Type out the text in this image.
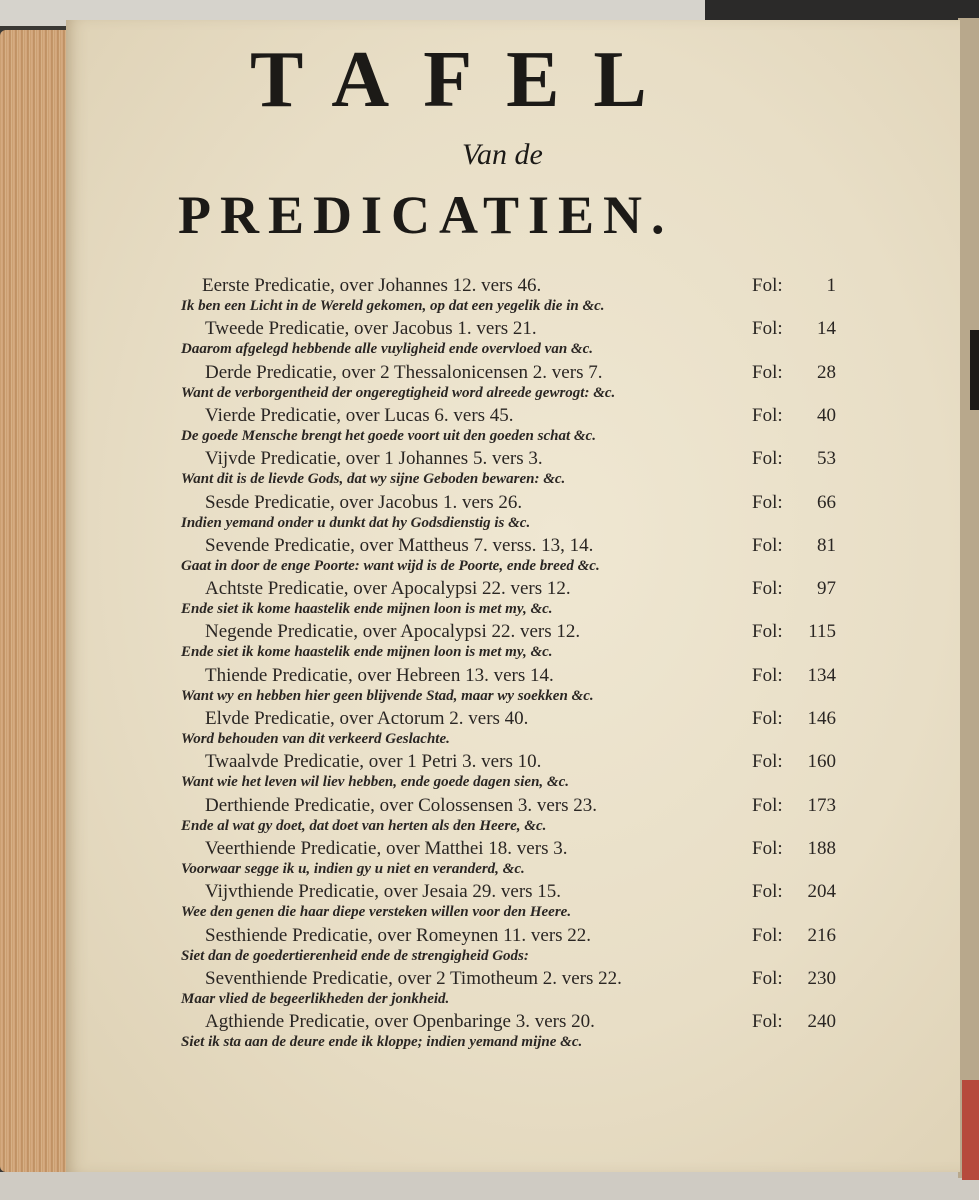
TAFEL
Van de
PREDICATIEN.
Eerste Predicatie, over Johannes 12. vers 46.	Fol:	1
Ik ben een Licht in de Wereld gekomen, op dat een yegelik die in &c.
Tweede Predicatie, over Jacobus 1. vers 21.	Fol:	14
Daarom afgelegd hebbende alle vuyligheid ende overvloed van &c.
Derde Predicatie, over 2 Thessalonicensen 2. vers 7.	Fol:	28
Want de verborgentheid der ongeregtigheid word alreede gewrogt: &c.
Vierde Predicatie, over Lucas 6. vers 45.	Fol:	40
De goede Mensche brengt het goede voort uit den goeden schat &c.
Vijvde Predicatie, over 1 Johannes 5. vers 3.	Fol:	53
Want dit is de lievde Gods, dat wy sijne Geboden bewaren: &c.
Sesde Predicatie, over Jacobus 1. vers 26.	Fol:	66
Indien yemand onder u dunkt dat hy Godsdienstig is &c.
Sevende Predicatie, over Mattheus 7. verss. 13, 14.	Fol:	81
Gaat in door de enge Poorte: want wijd is de Poorte, ende breed &c.
Achtste Predicatie, over Apocalypsi 22. vers 12.	Fol:	97
Ende siet ik kome haastelik ende mijnen loon is met my, &c.
Negende Predicatie, over Apocalypsi 22. vers 12.	Fol:	115
Ende siet ik kome haastelik ende mijnen loon is met my, &c.
Thiende Predicatie, over Hebreen 13. vers 14.	Fol:	134
Want wy en hebben hier geen blijvende Stad, maar wy soekken &c.
Elvde Predicatie, over Actorum 2. vers 40.	Fol:	146
Word behouden van dit verkeerd Geslachte.
Twaalvde Predicatie, over 1 Petri 3. vers 10.	Fol:	160
Want wie het leven wil liev hebben, ende goede dagen sien, &c.
Derthiende Predicatie, over Colossensen 3. vers 23.	Fol:	173
Ende al wat gy doet, dat doet van herten als den Heere, &c.
Veerthiende Predicatie, over Matthei 18. vers 3.	Fol:	188
Voorwaar segge ik u, indien gy u niet en veranderd, &c.
Vijvthiende Predicatie, over Jesaia 29. vers 15.	Fol:	204
Wee den genen die haar diepe versteken willen voor den Heere.
Sesthiende Predicatie, over Romeynen 11. vers 22.	Fol:	216
Siet dan de goedertierenheid ende de strengigheid Gods:
Seventhiende Predicatie, over 2 Timotheum 2. vers 22.	Fol:	230
Maar vlied de begeerlikheden der jonkheid.
Agthiende Predicatie, over Openbaringe 3. vers 20.	Fol:	240
Siet ik sta aan de deure ende ik kloppe; indien yemand mijne &c.
